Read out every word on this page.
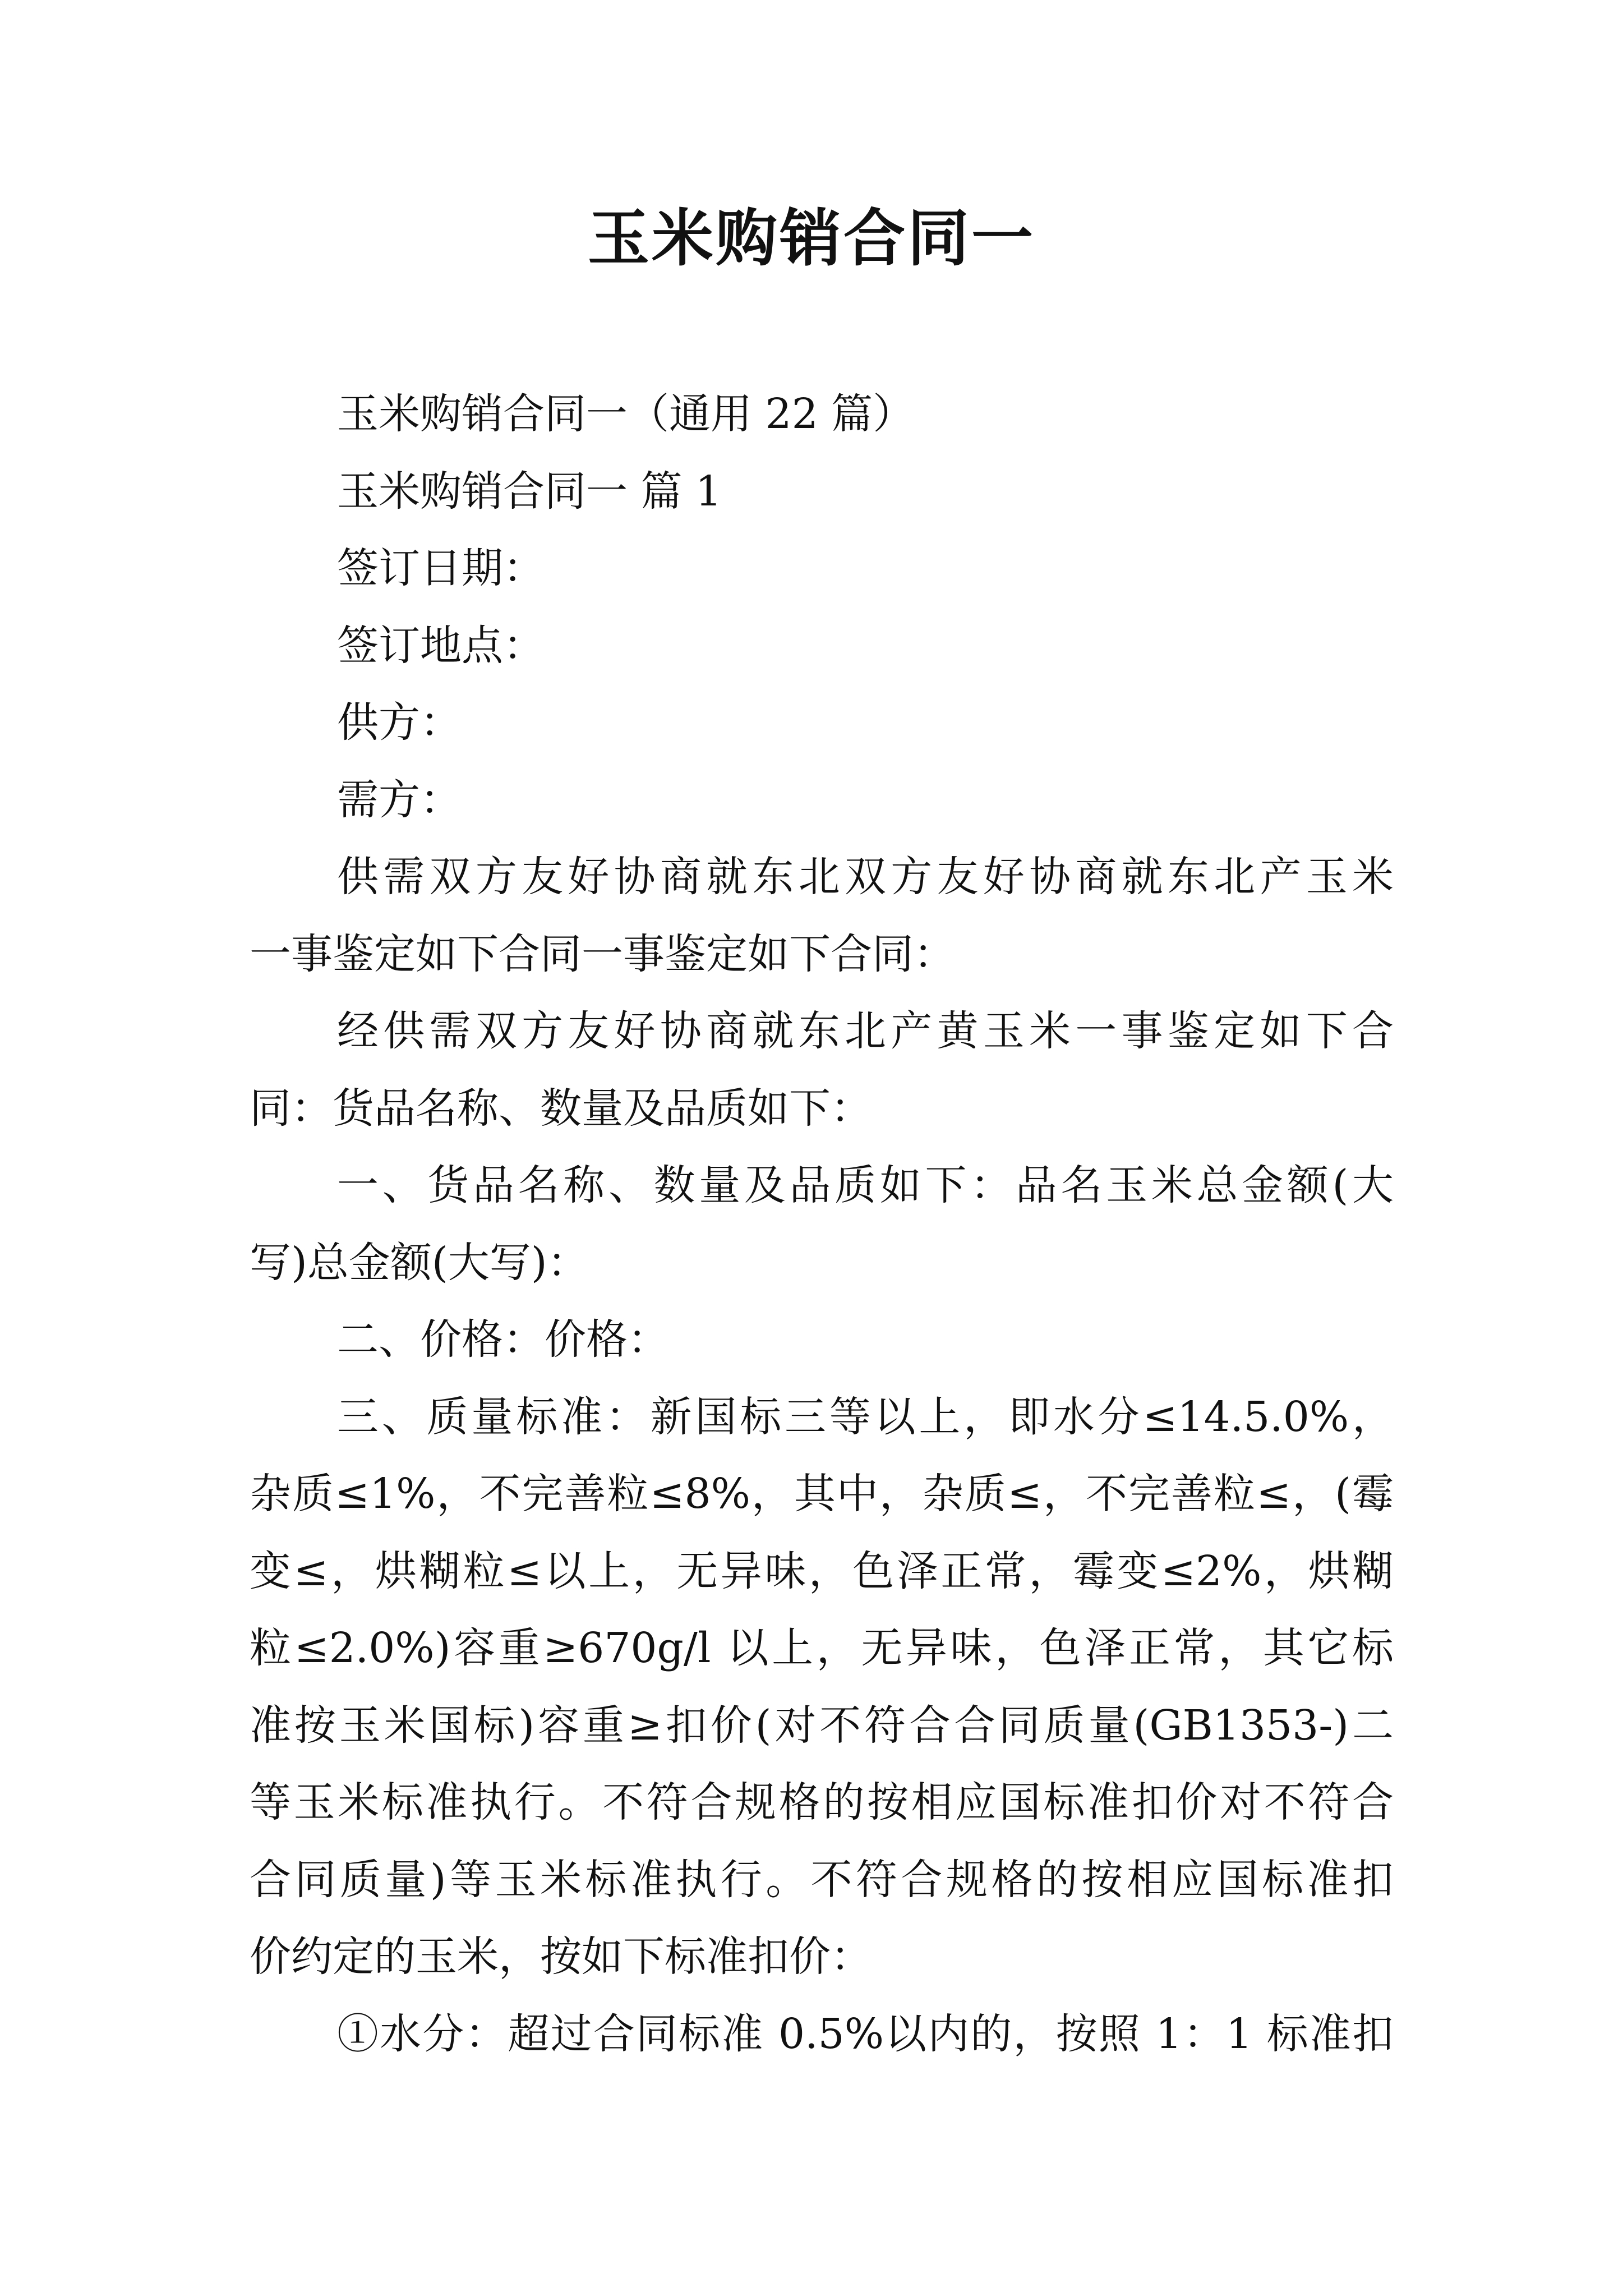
玉米购销合同一
玉米购销合同一（通用 22 篇）
玉米购销合同一 篇 1
签订日期：
签订地点：
供方：
需方：
供需双方友好协商就东北双方友好协商就东北产玉米
一事鉴定如下合同一事鉴定如下合同：
经供需双方友好协商就东北产黄玉米一事鉴定如下合
同：货品名称、数量及品质如下：
一、货品名称、数量及品质如下：品名玉米总金额(大
写)总金额(大写)：
二、价格：价格：
三、质量标准：新国标三等以上，即水分≤14.5.0%，
杂质≤1%，不完善粒≤8%，其中，杂质≤，不完善粒≤，(霉
变≤，烘糊粒≤以上，无异味，色泽正常，霉变≤2%，烘糊
粒≤2.0%)容重≥670g/l 以上，无异味，色泽正常，其它标
准按玉米国标)容重≥扣价(对不符合合同质量(GB1353-)二
等玉米标准执行。不符合规格的按相应国标准扣价对不符合
合同质量)等玉米标准执行。不符合规格的按相应国标准扣
价约定的玉米，按如下标准扣价：
①水分：超过合同标准 0.5%以内的，按照 1：1 标准扣
